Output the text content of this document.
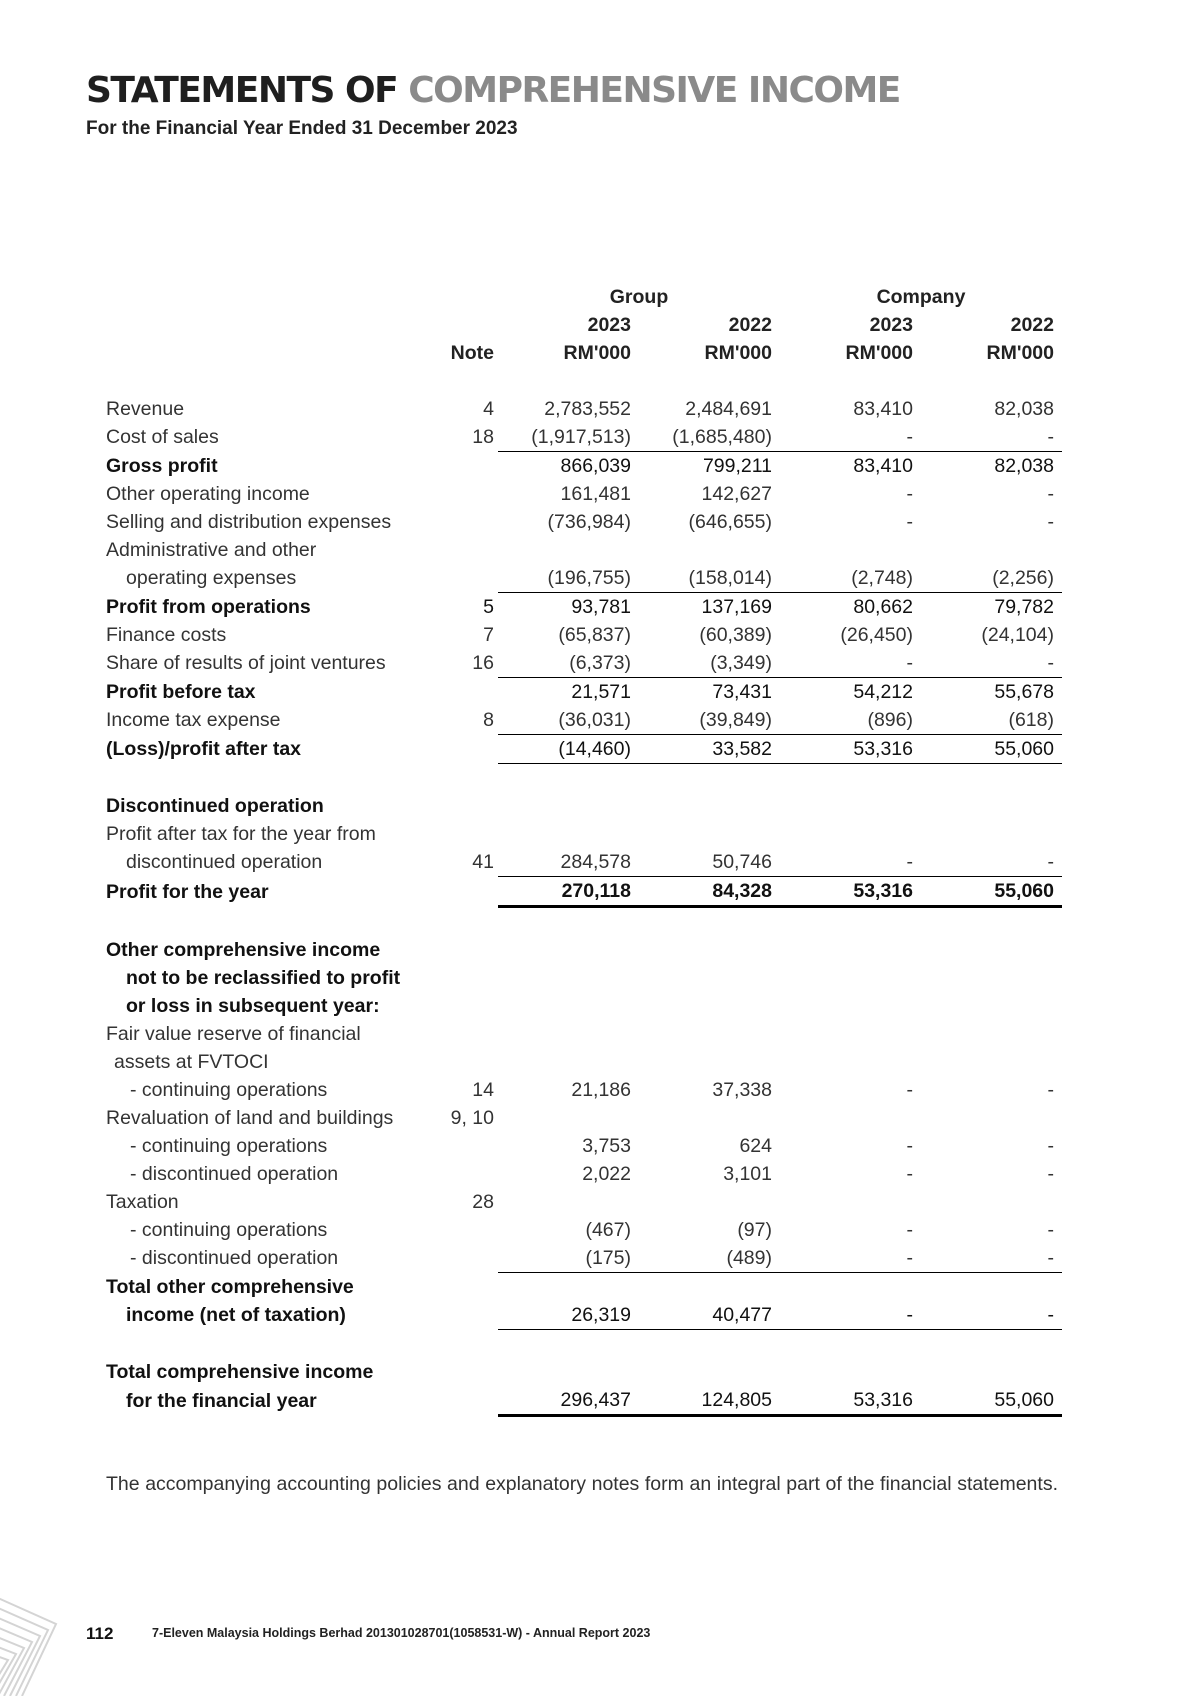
STATEMENTS OF COMPREHENSIVE INCOME
For the Financial Year Ended 31 December 2023
		Group		Company	
		2023	2022	2023	2022
	Note	RM'000	RM'000	RM'000	RM'000

Revenue	4	2,783,552	2,484,691	83,410	82,038
Cost of sales	18	(1,917,513)	(1,685,480)	-	-
Gross profit		866,039	799,211	83,410	82,038
Other operating income		161,481	142,627	-	-
Selling and distribution expenses		(736,984)	(646,655)	-	-
Administrative and other					
operating expenses		(196,755)	(158,014)	(2,748)	(2,256)
Profit from operations	5	93,781	137,169	80,662	79,782
Finance costs	7	(65,837)	(60,389)	(26,450)	(24,104)
Share of results of joint ventures	16	(6,373)	(3,349)	-	-
Profit before tax		21,571	73,431	54,212	55,678
Income tax expense	8	(36,031)	(39,849)	(896)	(618)
(Loss)/profit after tax		(14,460)	33,582	53,316	55,060

Discontinued operation					
Profit after tax for the year from					
discontinued operation	41	284,578	50,746	-	-
Profit for the year		270,118	84,328	53,316	55,060

Other comprehensive income					
not to be reclassified to profit					
or loss in subsequent year:					
Fair value reserve of financial					
assets at FVTOCI					
- continuing operations	14	21,186	37,338	-	-
Revaluation of land and buildings	9, 10				
- continuing operations		3,753	624	-	-
- discontinued operation		2,022	3,101	-	-
Taxation	28				
- continuing operations		(467)	(97)	-	-
- discontinued operation		(175)	(489)	-	-
Total other comprehensive					
income (net of taxation)		26,319	40,477	-	-

Total comprehensive income					
for the financial year		296,437	124,805	53,316	55,060
The accompanying accounting policies and explanatory notes form an integral part of the financial statements.
112	7-Eleven Malaysia Holdings Berhad 201301028701(1058531-W) - Annual Report 2023
